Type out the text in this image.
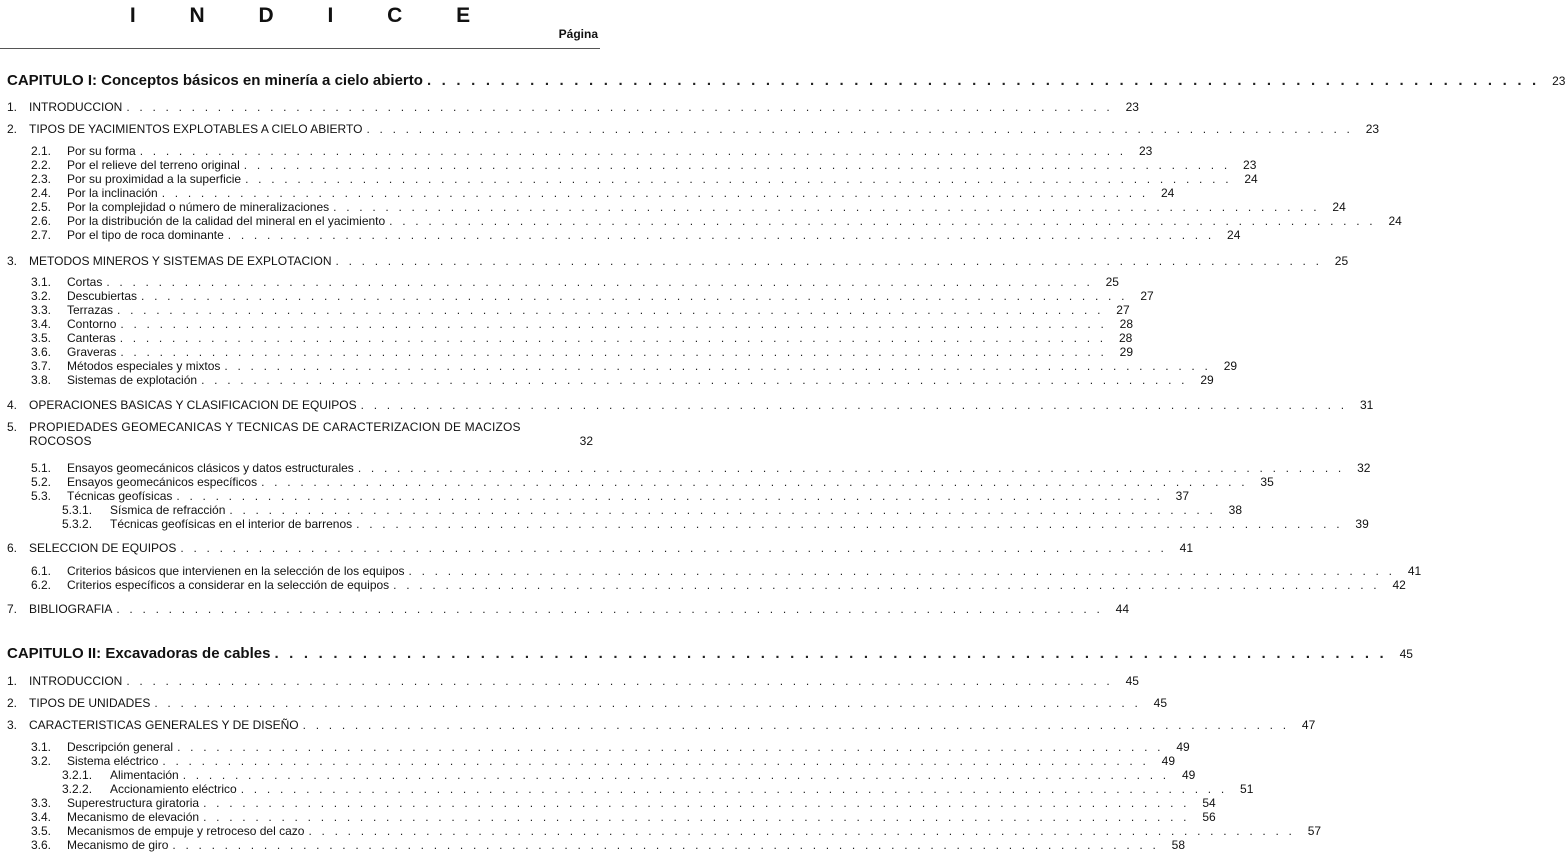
I N D I C E
Página
CAPITULO I: Conceptos básicos en minería a cielo abierto . . . . . . . . . . . . . . . . . . . . . . . . . . . . . . . . . . . . . . . . . . . . . . . . . . . . . . . . . . . . . . . . . . . . . . . . . . . .	23
1. INTRODUCCION . . . . . . . . . . . . . . . . . . . . . . . . . . . . . . . . . . . . . . . . . . . . . . . . . . . . . . . . . . . . . . . . . . . . . . . . . . . .	23
2. TIPOS DE YACIMIENTOS EXPLOTABLES A CIELO ABIERTO . . . . . . . . . . . . . . . . . . . . . . . . . . . . . . . . . . . . . . . . . . . . . . . . . . . . . . . . . . . . . . . . . . . . . . . . . . . .	23
2.1.	Por su forma . . . . . . . . . . . . . . . . . . . . . . . . . . . . . . . . . . . . . . . . . . . . . . . . . . . . . . . . . . . . . . . . . . . . . . . . . . . .	23
2.2.	Por el relieve del terreno original . . . . . . . . . . . . . . . . . . . . . . . . . . . . . . . . . . . . . . . . . . . . . . . . . . . . . . . . . . . . . . . . . . . . . . . . . . . .	23
2.3.	Por su proximidad a la superficie . . . . . . . . . . . . . . . . . . . . . . . . . . . . . . . . . . . . . . . . . . . . . . . . . . . . . . . . . . . . . . . . . . . . . . . . . . . .	24
2.4.	Por la inclinación . . . . . . . . . . . . . . . . . . . . . . . . . . . . . . . . . . . . . . . . . . . . . . . . . . . . . . . . . . . . . . . . . . . . . . . . . . . .	24
2.5.	Por la complejidad o número de mineralizaciones . . . . . . . . . . . . . . . . . . . . . . . . . . . . . . . . . . . . . . . . . . . . . . . . . . . . . . . . . . . . . . . . . . . . . . . . . . . .	24
2.6.	Por la distribución de la calidad del mineral en el yacimiento . . . . . . . . . . . . . . . . . . . . . . . . . . . . . . . . . . . . . . . . . . . . . . . . . . . . . . . . . . . . . . . . . . . . . . . . . . . .	24
2.7.	Por el tipo de roca dominante . . . . . . . . . . . . . . . . . . . . . . . . . . . . . . . . . . . . . . . . . . . . . . . . . . . . . . . . . . . . . . . . . . . . . . . . . . . .	24
3. METODOS MINEROS Y SISTEMAS DE EXPLOTACION . . . . . . . . . . . . . . . . . . . . . . . . . . . . . . . . . . . . . . . . . . . . . . . . . . . . . . . . . . . . . . . . . . . . . . . . . . . .	25
3.1.	Cortas . . . . . . . . . . . . . . . . . . . . . . . . . . . . . . . . . . . . . . . . . . . . . . . . . . . . . . . . . . . . . . . . . . . . . . . . . . . .	25
3.2.	Descubiertas . . . . . . . . . . . . . . . . . . . . . . . . . . . . . . . . . . . . . . . . . . . . . . . . . . . . . . . . . . . . . . . . . . . . . . . . . . . .	27
3.3.	Terrazas . . . . . . . . . . . . . . . . . . . . . . . . . . . . . . . . . . . . . . . . . . . . . . . . . . . . . . . . . . . . . . . . . . . . . . . . . . . .	27
3.4.	Contorno . . . . . . . . . . . . . . . . . . . . . . . . . . . . . . . . . . . . . . . . . . . . . . . . . . . . . . . . . . . . . . . . . . . . . . . . . . . .	28
3.5.	Canteras . . . . . . . . . . . . . . . . . . . . . . . . . . . . . . . . . . . . . . . . . . . . . . . . . . . . . . . . . . . . . . . . . . . . . . . . . . . .	28
3.6.	Graveras . . . . . . . . . . . . . . . . . . . . . . . . . . . . . . . . . . . . . . . . . . . . . . . . . . . . . . . . . . . . . . . . . . . . . . . . . . . .	29
3.7.	Métodos especiales y mixtos . . . . . . . . . . . . . . . . . . . . . . . . . . . . . . . . . . . . . . . . . . . . . . . . . . . . . . . . . . . . . . . . . . . . . . . . . . . .	29
3.8.	Sistemas de explotación . . . . . . . . . . . . . . . . . . . . . . . . . . . . . . . . . . . . . . . . . . . . . . . . . . . . . . . . . . . . . . . . . . . . . . . . . . . .	29
4. OPERACIONES BASICAS Y CLASIFICACION DE EQUIPOS . . . . . . . . . . . . . . . . . . . . . . . . . . . . . . . . . . . . . . . . . . . . . . . . . . . . . . . . . . . . . . . . . . . . . . . . . . . .	31
5. PROPIEDADES GEOMECANICAS Y TECNICAS DE CARACTERIZACION DE MACIZOS ROCOSOS	32
5.1.	Ensayos geomecánicos clásicos y datos estructurales . . . . . . . . . . . . . . . . . . . . . . . . . . . . . . . . . . . . . . . . . . . . . . . . . . . . . . . . . . . . . . . . . . . . . . . . . . . .	32
5.2.	Ensayos geomecánicos específicos . . . . . . . . . . . . . . . . . . . . . . . . . . . . . . . . . . . . . . . . . . . . . . . . . . . . . . . . . . . . . . . . . . . . . . . . . . . .	35
5.3.	Técnicas geofísicas . . . . . . . . . . . . . . . . . . . . . . . . . . . . . . . . . . . . . . . . . . . . . . . . . . . . . . . . . . . . . . . . . . . . . . . . . . . .	37
5.3.1.	Sísmica de refracción . . . . . . . . . . . . . . . . . . . . . . . . . . . . . . . . . . . . . . . . . . . . . . . . . . . . . . . . . . . . . . . . . . . . . . . . . . . .	38
5.3.2.	Técnicas geofísicas en el interior de barrenos . . . . . . . . . . . . . . . . . . . . . . . . . . . . . . . . . . . . . . . . . . . . . . . . . . . . . . . . . . . . . . . . . . . . . . . . . . . .	39
6. SELECCION DE EQUIPOS . . . . . . . . . . . . . . . . . . . . . . . . . . . . . . . . . . . . . . . . . . . . . . . . . . . . . . . . . . . . . . . . . . . . . . . . . . . .	41
6.1.	Criterios básicos que intervienen en la selección de los equipos . . . . . . . . . . . . . . . . . . . . . . . . . . . . . . . . . . . . . . . . . . . . . . . . . . . . . . . . . . . . . . . . . . . . . . . . . . . .	41
6.2.	Criterios específicos a considerar en la selección de equipos . . . . . . . . . . . . . . . . . . . . . . . . . . . . . . . . . . . . . . . . . . . . . . . . . . . . . . . . . . . . . . . . . . . . . . . . . . . .	42
7. BIBLIOGRAFIA . . . . . . . . . . . . . . . . . . . . . . . . . . . . . . . . . . . . . . . . . . . . . . . . . . . . . . . . . . . . . . . . . . . . . . . . . . . .	44
CAPITULO II: Excavadoras de cables . . . . . . . . . . . . . . . . . . . . . . . . . . . . . . . . . . . . . . . . . . . . . . . . . . . . . . . . . . . . . . . . . . . . . . . . . . . .	45
1. INTRODUCCION . . . . . . . . . . . . . . . . . . . . . . . . . . . . . . . . . . . . . . . . . . . . . . . . . . . . . . . . . . . . . . . . . . . . . . . . . . . .	45
2. TIPOS DE UNIDADES . . . . . . . . . . . . . . . . . . . . . . . . . . . . . . . . . . . . . . . . . . . . . . . . . . . . . . . . . . . . . . . . . . . . . . . . . . . .	45
3. CARACTERISTICAS GENERALES Y DE DISEÑO . . . . . . . . . . . . . . . . . . . . . . . . . . . . . . . . . . . . . . . . . . . . . . . . . . . . . . . . . . . . . . . . . . . . . . . . . . . .	47
3.1.	Descripción general . . . . . . . . . . . . . . . . . . . . . . . . . . . . . . . . . . . . . . . . . . . . . . . . . . . . . . . . . . . . . . . . . . . . . . . . . . . .	49
3.2.	Sistema eléctrico . . . . . . . . . . . . . . . . . . . . . . . . . . . . . . . . . . . . . . . . . . . . . . . . . . . . . . . . . . . . . . . . . . . . . . . . . . . .	49
3.2.1.	Alimentación . . . . . . . . . . . . . . . . . . . . . . . . . . . . . . . . . . . . . . . . . . . . . . . . . . . . . . . . . . . . . . . . . . . . . . . . . . . .	49
3.2.2.	Accionamiento eléctrico . . . . . . . . . . . . . . . . . . . . . . . . . . . . . . . . . . . . . . . . . . . . . . . . . . . . . . . . . . . . . . . . . . . . . . . . . . . .	51
3.3.	Superestructura giratoria . . . . . . . . . . . . . . . . . . . . . . . . . . . . . . . . . . . . . . . . . . . . . . . . . . . . . . . . . . . . . . . . . . . . . . . . . . . .	54
3.4.	Mecanismo de elevación . . . . . . . . . . . . . . . . . . . . . . . . . . . . . . . . . . . . . . . . . . . . . . . . . . . . . . . . . . . . . . . . . . . . . . . . . . . .	56
3.5.	Mecanismos de empuje y retroceso del cazo . . . . . . . . . . . . . . . . . . . . . . . . . . . . . . . . . . . . . . . . . . . . . . . . . . . . . . . . . . . . . . . . . . . . . . . . . . . .	57
3.6.	Mecanismo de giro . . . . . . . . . . . . . . . . . . . . . . . . . . . . . . . . . . . . . . . . . . . . . . . . . . . . . . . . . . . . . . . . . . . . . . . . . . . .	58
